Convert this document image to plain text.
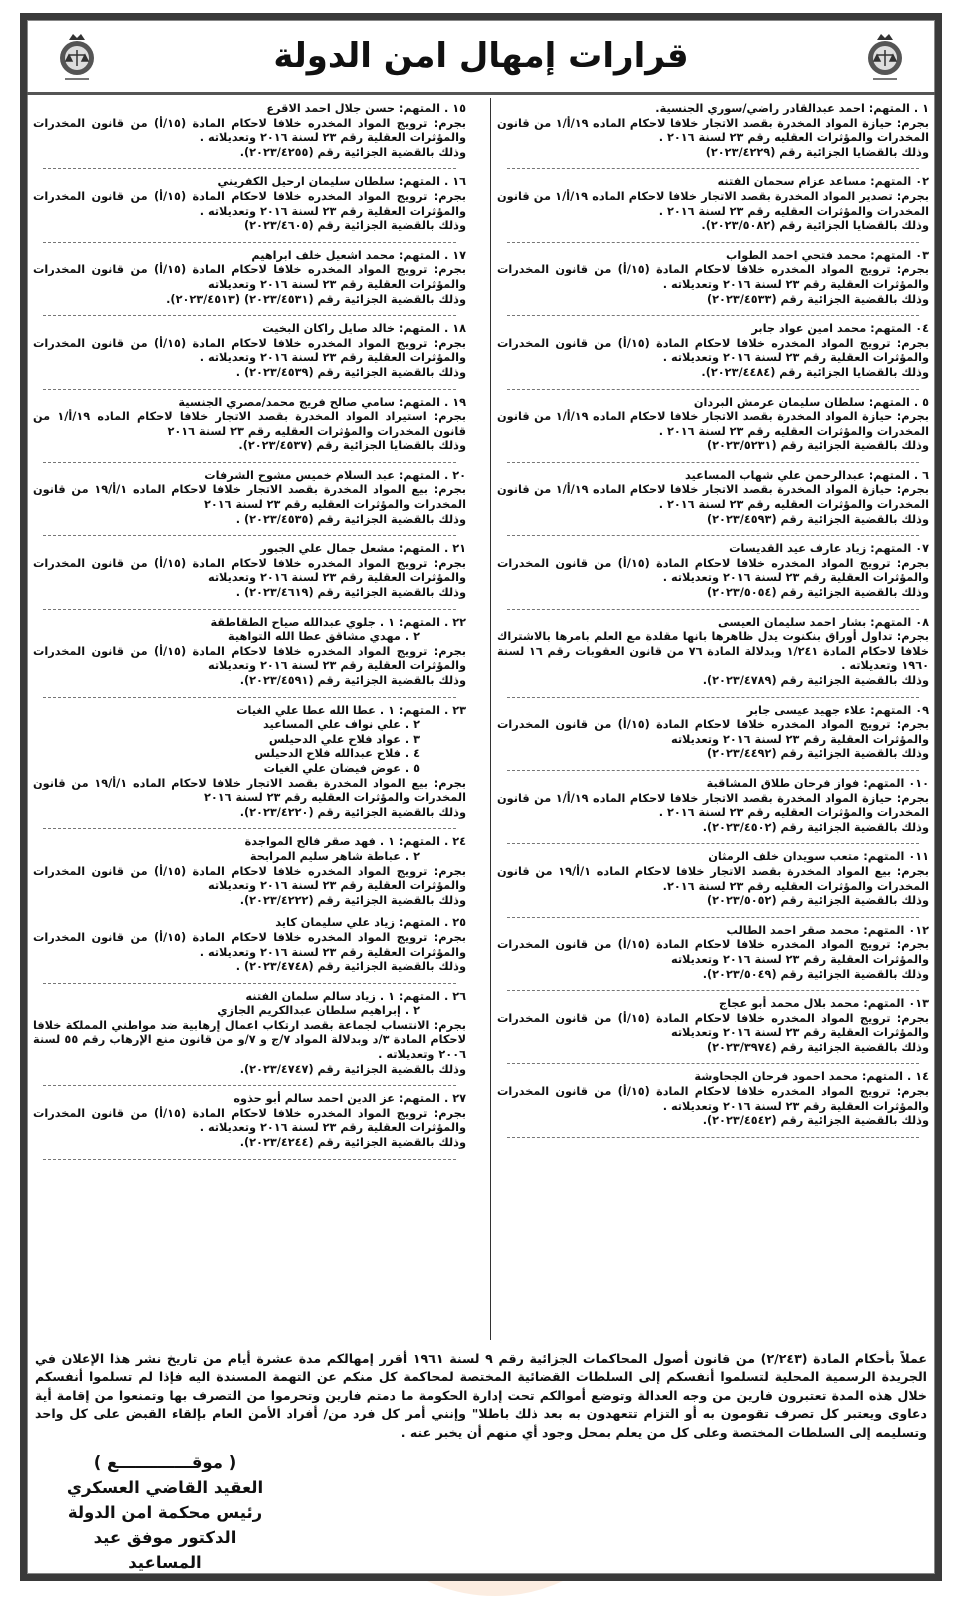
قرارات إمهال امن الدولة
١ . المتهم: احمد عبدالقادر راضي/سوري الجنسية.
بجرم: حيازة المواد المخدرة بقصد الاتجار خلافا لاحكام الماده ١٩/أ/١ من قانون المخدرات والمؤثرات العقليه رقم ٢٣ لسنة ٢٠١٦ .
وذلك بالقضايا الجزائية رقم (٢٠٢٣/٤٢٢٩)
٠٢ المتهم: مساعد عزام سحمان الفتنه
بجرم: تصدير المواد المخدرة بقصد الاتجار خلافا لاحكام الماده ١٩/أ/١ من قانون المخدرات والمؤثرات العقليه رقم ٢٣ لسنة ٢٠١٦ .
وذلك بالقضايا الجزائية رقم (٢٠٢٣/٥٠٨٢).
٠٣ المتهم: محمد فتحي احمد الطواب
بجرم: ترويج المواد المخدره خلافا لاحكام المادة (١٥/أ) من قانون المخدرات والمؤثرات العقلية رقم ٢٣ لسنة ٢٠١٦ وتعديلاته .
وذلك بالقضية الجزائية رقم (٢٠٢٣/٤٥٣٣)
٠٤ المتهم: محمد امين عواد جابر
بجرم: ترويج المواد المخدره خلافا لاحكام المادة (١٥/أ) من قانون المخدرات والمؤثرات العقلية رقم ٢٣ لسنة ٢٠١٦ وتعديلاته .
وذلك بالقضايا الجزائية رقم (٢٠٢٣/٤٤٨٤).
٥ . المتهم: سلطان سليمان عرمش البردان
بجرم: حيازة المواد المخدرة بقصد الاتجار خلافا لاحكام الماده ١٩/أ/١ من قانون المخدرات والمؤثرات العقليه رقم ٢٣ لسنة ٢٠١٦ .
وذلك بالقضية الجزائية رقم (٢٠٢٣/٥٢٣١)
٦ . المتهم: عبدالرحمن علي شهاب المساعيد
بجرم: حيازة المواد المخدرة بقصد الاتجار خلافا لاحكام الماده ١٩/أ/١ من قانون المخدرات والمؤثرات العقليه رقم ٢٣ لسنة ٢٠١٦ .
وذلك بالقضية الجزائية رقم (٢٠٢٣/٤٥٩٣)
٠٧ المتهم: زياد عارف عيد القديسات
بجرم: ترويج المواد المخدره خلافا لاحكام المادة (١٥/أ) من قانون المخدرات والمؤثرات العقلية رقم ٢٣ لسنة ٢٠١٦ وتعديلاته .
وذلك بالقضية الجزائية رقم (٢٠٢٣/٥٠٥٤)
٠٨ المتهم: بشار احمد سليمان العيسى
بجرم: تداول أوراق بنكنوت يدل ظاهرها بانها مقلدة مع العلم بامرها بالاشتراك خلافا لاحكام المادة ١/٢٤١ وبدلالة المادة ٧٦ من قانون العقوبات رقم ١٦ لسنة ١٩٦٠ وتعديلاته .
وذلك بالقضية الجزائية رقم (٢٠٢٣/٤٧٨٩).
٠٩ المتهم: علاء جهيد عيسى جابر
بجرم: ترويج المواد المخدره خلافا لاحكام المادة (١٥/أ) من قانون المخدرات والمؤثرات العقلية رقم ٢٣ لسنة ٢٠١٦ وتعديلاته
وذلك بالقضية الجزائية رقم (٢٠٢٣/٤٤٩٢)
٠١٠ المتهم: فواز فرحان طلاق المشاقبة
بجرم: حيازة المواد المخدرة بقصد الاتجار خلافا لاحكام الماده ١٩/أ/١ من قانون المخدرات والمؤثرات العقليه رقم ٢٣ لسنة ٢٠١٦ .
وذلك بالقضية الجزائية رقم (٢٠٢٣/٤٥٠٢).
٠١١ المتهم: متعب سويدان خلف الرمثان
بجرم: بيع المواد المخدرة بقصد الاتجار خلافا لاحكام الماده ١/أ/١٩ من قانون المخدرات والمؤثرات العقليه رقم ٢٣ لسنة ٢٠١٦.
وذلك بالقضية الجزائية رقم (٢٠٢٣/٥٠٥٢)
٠١٢ المتهم: محمد صقر احمد الطالب
بجرم: ترويج المواد المخدره خلافا لاحكام المادة (١٥/أ) من قانون المخدرات والمؤثرات العقلية رقم ٢٣ لسنة ٢٠١٦ وتعديلاته
وذلك بالقضية الجزائية رقم (٢٠٢٣/٥٠٤٩).
٠١٣ المتهم: محمد بلال محمد أبو عجاج
بجرم: ترويج المواد المخدره خلافا لاحكام المادة (١٥/أ) من قانون المخدرات والمؤثرات العقلية رقم ٢٣ لسنة ٢٠١٦ وتعديلاته
وذلك بالقضية الجزائية رقم (٢٠٢٣/٣٩٧٤)
١٤ . المتهم: محمد احمود فرحان الجحاوشة
بجرم: ترويج المواد المخدره خلافا لاحكام المادة (١٥/أ) من قانون المخدرات والمؤثرات العقلية رقم ٢٣ لسنة ٢٠١٦ وتعديلاته .
وذلك بالقضية الجزائية رقم (٢٠٢٣/٤٥٤٢).
١٥ . المتهم: حسن جلال احمد الاقرع
بجرم: ترويج المواد المخدره خلافا لاحكام المادة (١٥/أ) من قانون المخدرات والمؤثرات العقلية رقم ٢٣ لسنة ٢٠١٦ وتعديلاته .
وذلك بالقضية الجزائية رقم (٢٠٢٣/٤٢٥٥).
١٦ . المتهم: سلطان سليمان ارحيل الكفريني
بجرم: ترويج المواد المخدره خلافا لاحكام المادة (١٥/أ) من قانون المخدرات والمؤثرات العقلية رقم ٢٣ لسنة ٢٠١٦ وتعديلاته .
وذلك بالقضية الجزائية رقم (٢٠٢٣/٤٦٠٥)
١٧ . المتهم: محمد اشعيل خلف ابراهيم
بجرم: ترويج المواد المخدره خلافا لاحكام المادة (١٥/أ) من قانون المخدرات والمؤثرات العقلية رقم ٢٣ لسنة ٢٠١٦ وتعديلاته
وذلك بالقضية الجزائية رقم (٢٠٢٣/٤٥٣١) (٢٠٢٣/٤٥١٣).
١٨ . المتهم: خالد صايل راكان البخيت
بجرم: ترويج المواد المخدره خلافا لاحكام المادة (١٥/أ) من قانون المخدرات والمؤثرات العقلية رقم ٢٣ لسنة ٢٠١٦ وتعديلاته .
وذلك بالقضية الجزائية رقم (٢٠٢٣/٤٥٣٩) .
١٩ . المتهم: سامي صالح فريج محمد/مصري الجنسية
بجرم: استيراد المواد المخدرة بقصد الاتجار خلافا لاحكام الماده ١٩/أ/١ من قانون المخدرات والمؤثرات العقليه رقم ٢٣ لسنة ٢٠١٦
وذلك بالقضايا الجزائية رقم (٢٠٢٣/٤٥٣٧).
٢٠ . المتهم: عبد السلام خميس مشوح الشرفات
بجرم: بيع المواد المخدرة بقصد الاتجار خلافا لاحكام الماده ١/أ/١٩ من قانون المخدرات والمؤثرات العقليه رقم ٢٣ لسنة ٢٠١٦
وذلك بالقضية الجزائية رقم (٢٠٢٣/٤٥٣٥) .
٢١ . المتهم: مشعل جمال علي الجبور
بجرم: ترويج المواد المخدره خلافا لاحكام المادة (١٥/أ) من قانون المخدرات والمؤثرات العقلية رقم ٢٣ لسنة ٢٠١٦ وتعديلاته
وذلك بالقضية الجزائية رقم (٢٠٢٣/٤٦١٩) .
٢٢ . المتهم: ١ . جلوي عبدالله صياح الطقاطقة
٢ . مهدي مشاقق عطا الله التواهية
بجرم: ترويج المواد المخدره خلافا لاحكام المادة (١٥/أ) من قانون المخدرات والمؤثرات العقلية رقم ٢٣ لسنة ٢٠١٦ وتعديلاته
وذلك بالقضية الجزائية رقم (٢٠٢٣/٤٥٩١).
٢٣ . المتهم: ١ . عطا الله عطا علي الغيات
٢ . علي نواف علي المساعيد
٣ . عواد فلاح علي الدحيلس
٤ . فلاح عبدالله فلاح الدحيلس
٥ . عوض فيضان علي الغيات
بجرم: بيع المواد المخدرة بقصد الاتجار خلافا لاحكام الماده ١/أ/١٩ من قانون المخدرات والمؤثرات العقليه رقم ٢٣ لسنة ٢٠١٦
وذلك بالقضية الجزائية رقم (٢٠٢٣/٤٢٢٠).
٢٤ . المتهم: ١ . فهد صقر فالح المواجدة
٢ . عباطة شاهر سليم المرابحة
بجرم: ترويج المواد المخدره خلافا لاحكام المادة (١٥/أ) من قانون المخدرات والمؤثرات العقلية رقم ٢٣ لسنة ٢٠١٦ وتعديلاته
وذلك بالقضية الجزائية رقم (٢٠٢٣/٤٢٢٢).
٢٥ . المتهم: زياد علي سليمان كايد
بجرم: ترويج المواد المخدره خلافا لاحكام المادة (١٥/أ) من قانون المخدرات والمؤثرات العقلية رقم ٢٣ لسنة ٢٠١٦ وتعديلاته .
وذلك بالقضية الجزائية رقم (٢٠٢٣/٤٧٤٨) .
٢٦ . المتهم: ١ . زياد سالم سلمان الفتنه
٢ . إبراهيم سلطان عبدالكريم الجازي
بجرم: الانتساب لجماعة بقصد ارتكاب اعمال إرهابية ضد مواطني المملكة خلافا لاحكام المادة ٣/د وبدلالة المواد ٧/ج و ٧/و من قانون منع الإرهاب رقم ٥٥ لسنة ٢٠٠٦ وتعديلاته .
وذلك بالقضية الجزائية رقم (٢٠٢٣/٤٧٤٧).
٢٧ . المتهم: عز الدين احمد سالم أبو حذوه
بجرم: ترويج المواد المخدره خلافا لاحكام المادة (١٥/أ) من قانون المخدرات والمؤثرات العقلية رقم ٢٣ لسنة ٢٠١٦ وتعديلاته .
وذلك بالقضية الجزائية رقم (٢٠٢٣/٤٢٤٤).
عملاً بأحكام المادة (٢/٢٤٣) من قانون أصول المحاكمات الجزائية رقم ٩ لسنة ١٩٦١ أقرر إمهالكم مدة عشرة أيام من تاريخ نشر هذا الإعلان في الجريدة الرسمية المحلية لتسلموا أنفسكم إلى السلطات القضائية المختصة لمحاكمة كل منكم عن التهمة المسندة اليه فإذا لم تسلموا أنفسكم خلال هذه المدة تعتبرون فارين من وجه العدالة وتوضع أموالكم تحت إدارة الحكومة ما دمتم فارين وتحرموا من التصرف بها وتمنعوا من إقامة أية دعاوى ويعتبر كل تصرف تقومون به أو التزام تتعهدون به بعد ذلك باطلا" وإنني أمر كل فرد من/ أفراد الأمن العام بإلقاء القبض على كل واحد وتسليمه إلى السلطات المختصة وعلى كل من يعلم بمحل وجود أي منهم أن يخبر عنه .
( موقـــــــــــــع )
العقيد القاضي العسكري
رئيس محكمة امن الدولة
الدكتور موفق عيد المساعيد
